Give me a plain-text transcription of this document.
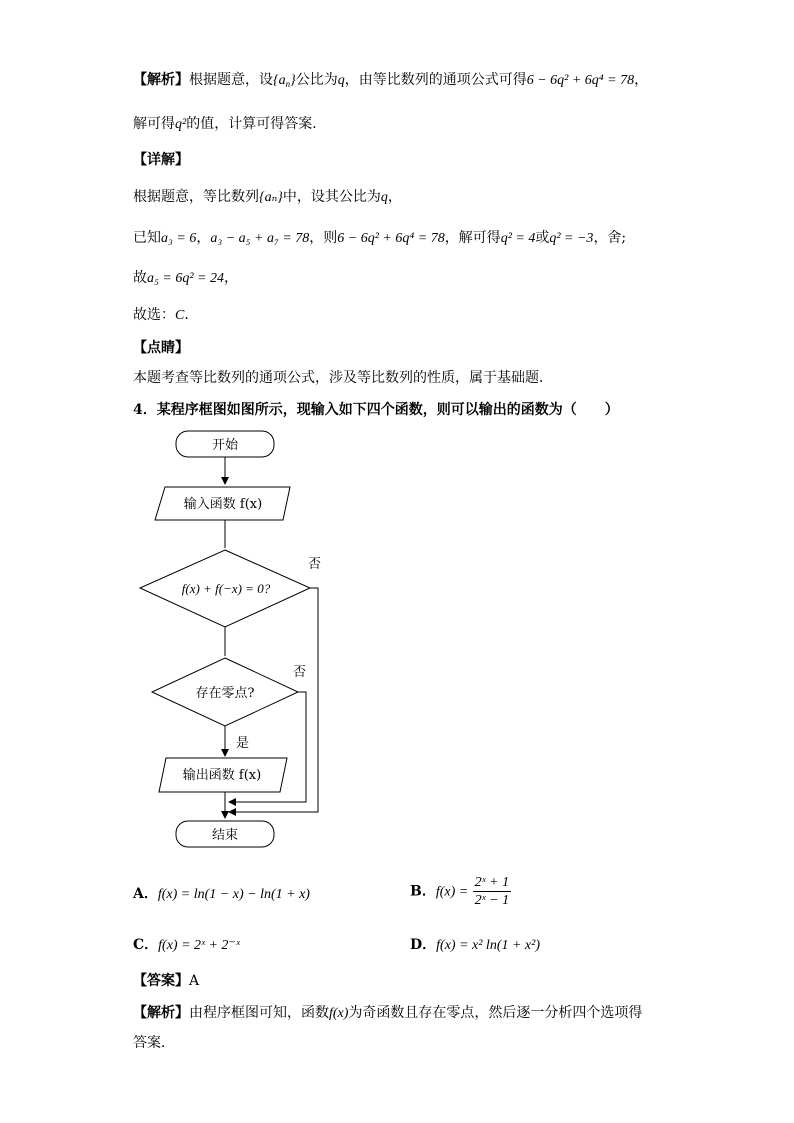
【解析】根据题意，设$\{a_n\}$公比为q，由等比数列的通项公式可得6 − 6q² + 6q⁴ = 78，
解可得q²的值，计算可得答案．
【详解】
根据题意，等比数列{aₙ}中，设其公比为q，
已知a₃ = 6，a₃ − a₅ + a₇ = 78，则6 − 6q² + 6q⁴ = 78，解可得q² = 4或q² = −3，舍;
故a₅ = 6q² = 24，
故选：C．
【点睛】
本题考查等比数列的通项公式，涉及等比数列的性质，属于基础题．
4．某程序框图如图所示，现输入如下四个函数，则可以输出的函数为（　　）
开始
输入函数 f(x)
f(x) + f(−x) = 0?
否
存在零点?
否
是
输出函数 f(x)
结束
A．f(x) = ln(1 − x) − ln(1 + x)	B．$f(x) = \frac{\text{2ˣ + 1}}{\text{2ˣ − 1}}$
C．f(x) = 2ˣ + 2⁻ˣ	D．f(x) = x² ln(1 + x²)
【答案】A
【解析】由程序框图可知，函数f(x)为奇函数且存在零点，然后逐一分析四个选项得
答案．
